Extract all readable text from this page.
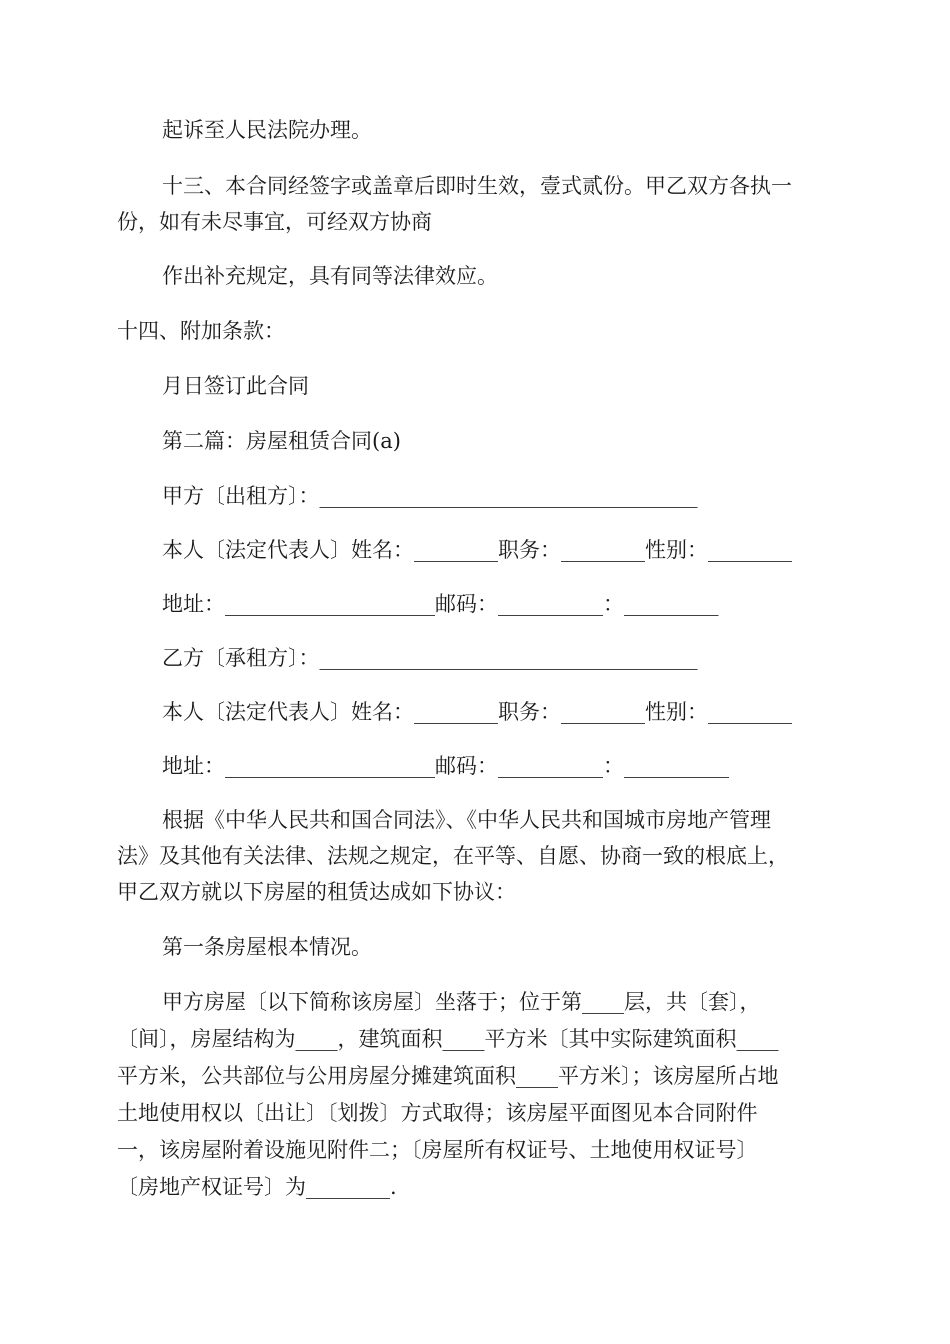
起诉至人民法院办理。
十三、本合同经签字或盖章后即时生效，壹式贰份。甲乙双方各执一
份，如有未尽事宜，可经双方协商
作出补充规定，具有同等法律效应。
十四、附加条款：
月日签订此合同
第二篇：房屋租赁合同(a)
甲方〔出租方〕：____________________________________
本人〔法定代表人〕姓名：________职务：________性别：________
地址：____________________邮码：__________：_________
乙方〔承租方〕：____________________________________
本人〔法定代表人〕姓名：________职务：________性别：________
地址：____________________邮码：__________：__________
根据《中华人民共和国合同法》、《中华人民共和国城市房地产管理
法》及其他有关法律、法规之规定，在平等、自愿、协商一致的根底上，
甲乙双方就以下房屋的租赁达成如下协议：
第一条房屋根本情况。
甲方房屋〔以下简称该房屋〕坐落于；位于第____层，共〔套〕，
〔间〕，房屋结构为____，建筑面积____平方米〔其中实际建筑面积____
平方米，公共部位与公用房屋分摊建筑面积____平方米〕；该房屋所占地
土地使用权以〔出让〕〔划拨〕方式取得；该房屋平面图见本合同附件
一，该房屋附着设施见附件二；〔房屋所有权证号、土地使用权证号〕
〔房地产权证号〕为________.
